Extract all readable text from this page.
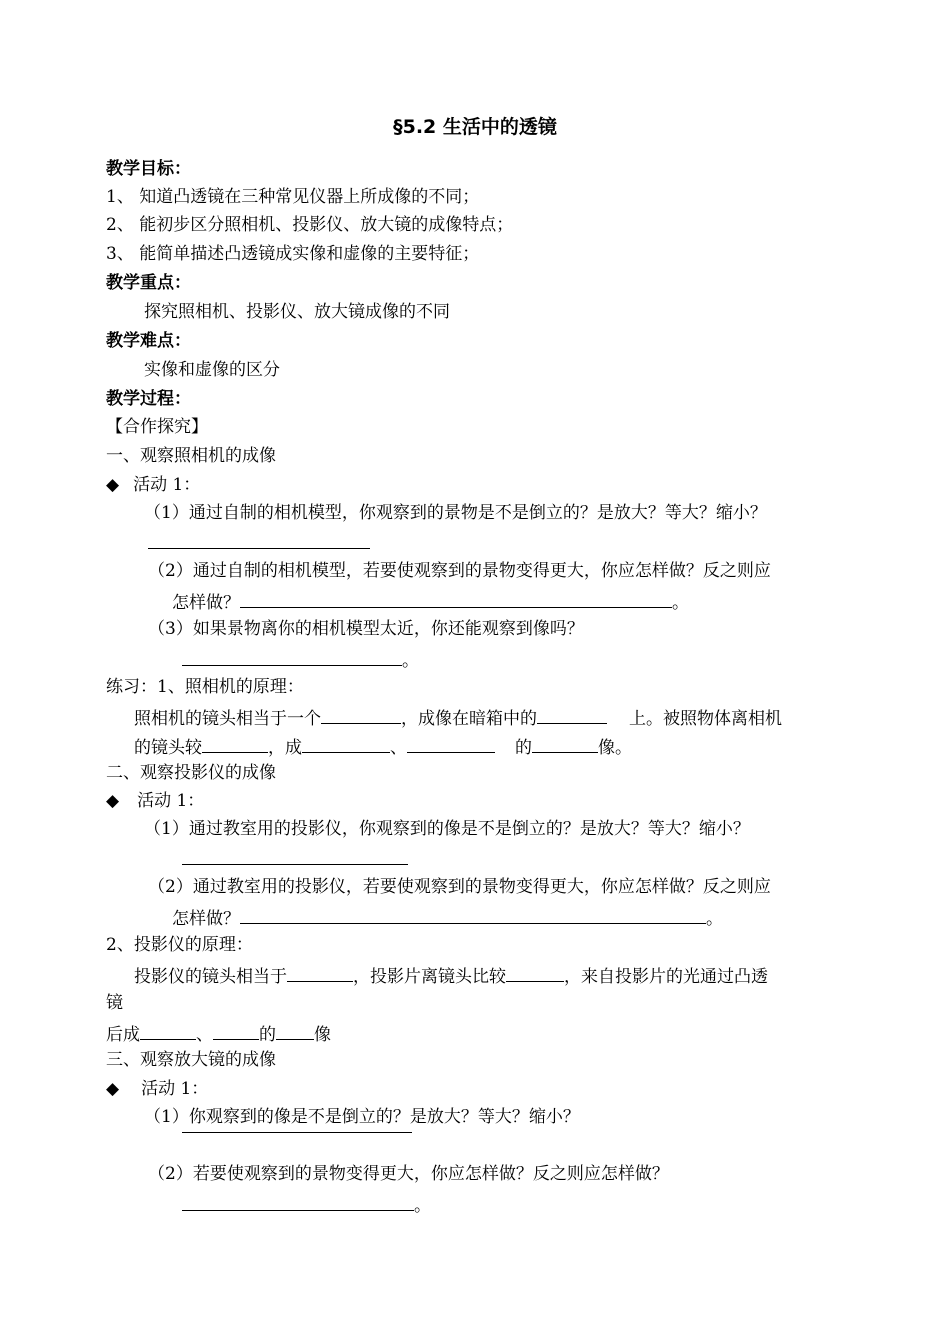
§5.2 生活中的透镜
教学目标：
1、 知道凸透镜在三种常见仪器上所成像的不同；
2、 能初步区分照相机、投影仪、放大镜的成像特点；
3、 能简单描述凸透镜成实像和虚像的主要特征；
教学重点：
探究照相机、投影仪、放大镜成像的不同
教学难点：
实像和虚像的区分
教学过程：
【合作探究】
一、观察照相机的成像
◆ 活动 1：
（1）通过自制的相机模型，你观察到的景物是不是倒立的？是放大？等大？缩小？
（2）通过自制的相机模型，若要使观察到的景物变得更大，你应怎样做？反之则应
怎样做？	。
（3）如果景物离你的相机模型太近，你还能观察到像吗？
。
练习：1、照相机的原理：
照相机的镜头相当于一个	，成像在暗箱中的	上。被照物体离相机
的镜头较	，成	、	的	像。
二、观察投影仪的成像
◆ 活动 1：
（1）通过教室用的投影仪，你观察到的像是不是倒立的？是放大？等大？缩小？
（2）通过教室用的投影仪，若要使观察到的景物变得更大，你应怎样做？反之则应
怎样做？	。
2、投影仪的原理：
投影仪的镜头相当于	，投影片离镜头比较	，来自投影片的光通过凸透
镜
后成	、	的 像
三、观察放大镜的成像
◆ 活动 1：
（1）你观察到的像是不是倒立的？是放大？等大？缩小？
（2）若要使观察到的景物变得更大，你应怎样做？反之则应怎样做？
。
